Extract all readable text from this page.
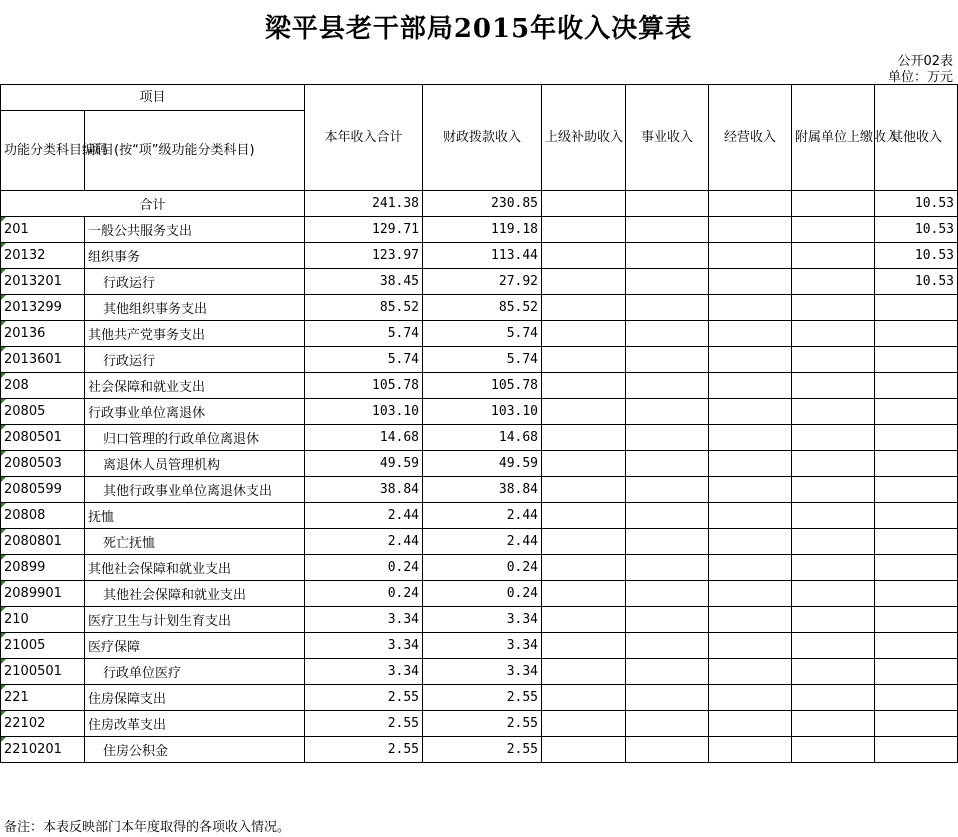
梁平县老干部局2015年收入决算表
公开02表
单位：万元
项目		本年收入合计	财政拨款收入	上级补助收入	事业收入	经营收入	附属单位上缴收入	其他收入
功能分类科目编码	项目(按“项”级功能分类科目)							
合计		241.38	230.85					10.53
201	一般公共服务支出	129.71	119.18					10.53
20132	组织事务	123.97	113.44					10.53
2013201	行政运行	38.45	27.92					10.53
2013299	其他组织事务支出	85.52	85.52					
20136	其他共产党事务支出	5.74	5.74					
2013601	行政运行	5.74	5.74					
208	社会保障和就业支出	105.78	105.78					
20805	行政事业单位离退休	103.10	103.10					
2080501	归口管理的行政单位离退休	14.68	14.68					
2080503	离退休人员管理机构	49.59	49.59					
2080599	其他行政事业单位离退休支出	38.84	38.84					
20808	抚恤	2.44	2.44					
2080801	死亡抚恤	2.44	2.44					
20899	其他社会保障和就业支出	0.24	0.24					
2089901	其他社会保障和就业支出	0.24	0.24					
210	医疗卫生与计划生育支出	3.34	3.34					
21005	医疗保障	3.34	3.34					
2100501	行政单位医疗	3.34	3.34					
221	住房保障支出	2.55	2.55					
22102	住房改革支出	2.55	2.55					
2210201	住房公积金	2.55	2.55					
备注：本表反映部门本年度取得的各项收入情况。
